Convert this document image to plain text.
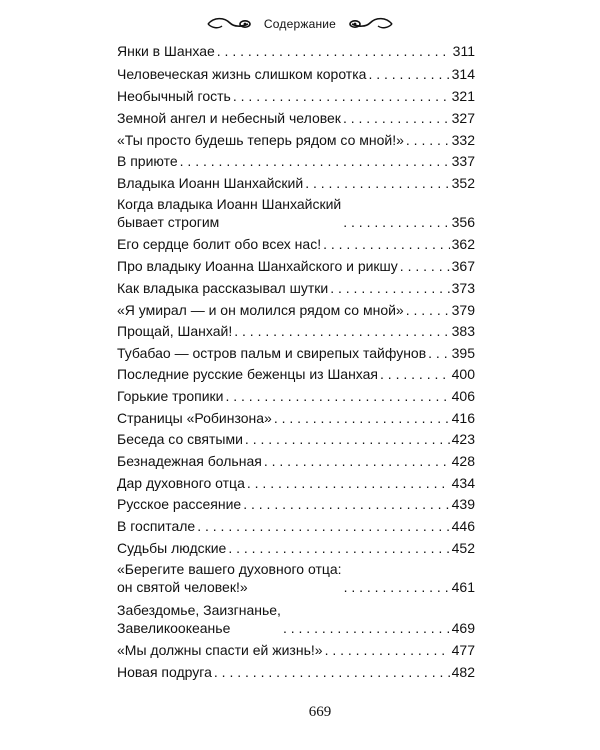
Содержание
Янки в Шанхае . . .	311
Человеческая жизнь слишком коротка . . .	314
Необычный гость . . .	321
Земной ангел и небесный человек . . .	327
«Ты просто будешь теперь рядом со мной!» . . .	332
В приюте . . .	337
Владыка Иоанн Шанхайский . . .	352
Когда владыка Иоанн Шанхайский
бывает строгим . . .	356
Его сердце болит обо всех нас! . . .	362
Про владыку Иоанна Шанхайского и рикшу . . .	367
Как владыка рассказывал шутки . . .	373
«Я умирал — и он молился рядом со мной» . . .	379
Прощай, Шанхай! . . .	383
Тубабао — остров пальм и свирепых тайфунов . . . 395
Последние русские беженцы из Шанхая . . .	400
Горькие тропики . . .	406
Страницы «Робинзона» . . .	416
Беседа со святыми . . .	423
Безнадежная больная . . .	428
Дар духовного отца . . .	434
Русское рассеяние . . .	439
В госпитале . . .	446
Судьбы людские . . .	452
«Берегите вашего духовного отца:
он святой человек!» . . .	461
Забездомье, Заизгнанье,
Завеликоокеанье . . .	469
«Мы должны спасти ей жизнь!» . . .	477
Новая подруга . . .	482
669
